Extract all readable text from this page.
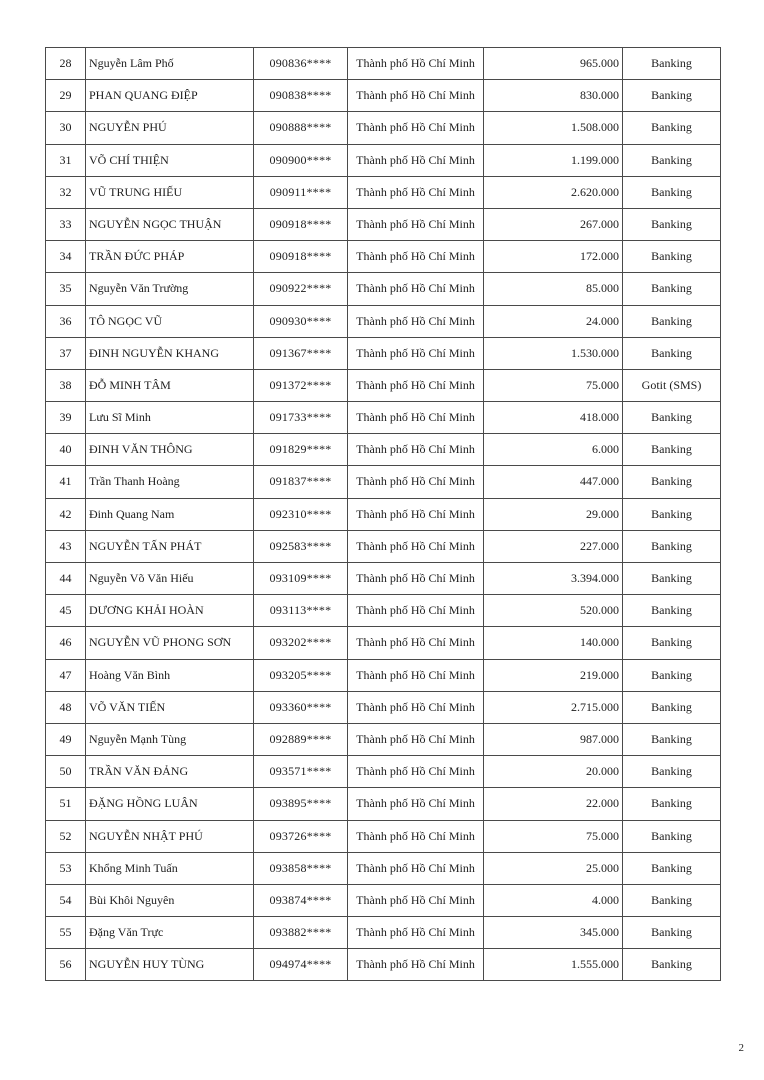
28	Nguyễn Lâm Phố	090836****	Thành phố Hồ Chí Minh	965.000	Banking
29	PHAN QUANG ĐIỆP	090838****	Thành phố Hồ Chí Minh	830.000	Banking
30	NGUYỄN PHÚ	090888****	Thành phố Hồ Chí Minh	1.508.000	Banking
31	VÕ CHÍ THIỆN	090900****	Thành phố Hồ Chí Minh	1.199.000	Banking
32	VŨ TRUNG HIẾU	090911****	Thành phố Hồ Chí Minh	2.620.000	Banking
33	NGUYỄN NGỌC THUẬN	090918****	Thành phố Hồ Chí Minh	267.000	Banking
34	TRẦN ĐỨC PHÁP	090918****	Thành phố Hồ Chí Minh	172.000	Banking
35	Nguyễn Văn Trường	090922****	Thành phố Hồ Chí Minh	85.000	Banking
36	TÔ NGỌC VŨ	090930****	Thành phố Hồ Chí Minh	24.000	Banking
37	ĐINH NGUYỄN KHANG	091367****	Thành phố Hồ Chí Minh	1.530.000	Banking
38	ĐỖ MINH TÂM	091372****	Thành phố Hồ Chí Minh	75.000	Gotit (SMS)
39	Lưu Sĩ Minh	091733****	Thành phố Hồ Chí Minh	418.000	Banking
40	ĐINH VĂN THÔNG	091829****	Thành phố Hồ Chí Minh	6.000	Banking
41	Trần Thanh Hoàng	091837****	Thành phố Hồ Chí Minh	447.000	Banking
42	Đinh Quang Nam	092310****	Thành phố Hồ Chí Minh	29.000	Banking
43	NGUYỄN TẤN PHÁT	092583****	Thành phố Hồ Chí Minh	227.000	Banking
44	Nguyễn Võ Văn Hiếu	093109****	Thành phố Hồ Chí Minh	3.394.000	Banking
45	DƯƠNG KHẢI HOÀN	093113****	Thành phố Hồ Chí Minh	520.000	Banking
46	NGUYỄN VŨ PHONG SƠN	093202****	Thành phố Hồ Chí Minh	140.000	Banking
47	Hoàng Văn Bình	093205****	Thành phố Hồ Chí Minh	219.000	Banking
48	VÕ VĂN TIẾN	093360****	Thành phố Hồ Chí Minh	2.715.000	Banking
49	Nguyễn Mạnh Tùng	092889****	Thành phố Hồ Chí Minh	987.000	Banking
50	TRẦN VĂN ĐẢNG	093571****	Thành phố Hồ Chí Minh	20.000	Banking
51	ĐẶNG HỒNG LUÂN	093895****	Thành phố Hồ Chí Minh	22.000	Banking
52	NGUYỄN NHẬT PHÚ	093726****	Thành phố Hồ Chí Minh	75.000	Banking
53	Khổng Minh Tuấn	093858****	Thành phố Hồ Chí Minh	25.000	Banking
54	Bùi Khôi Nguyên	093874****	Thành phố Hồ Chí Minh	4.000	Banking
55	Đặng Văn Trực	093882****	Thành phố Hồ Chí Minh	345.000	Banking
56	NGUYỄN HUY TÙNG	094974****	Thành phố Hồ Chí Minh	1.555.000	Banking
2
